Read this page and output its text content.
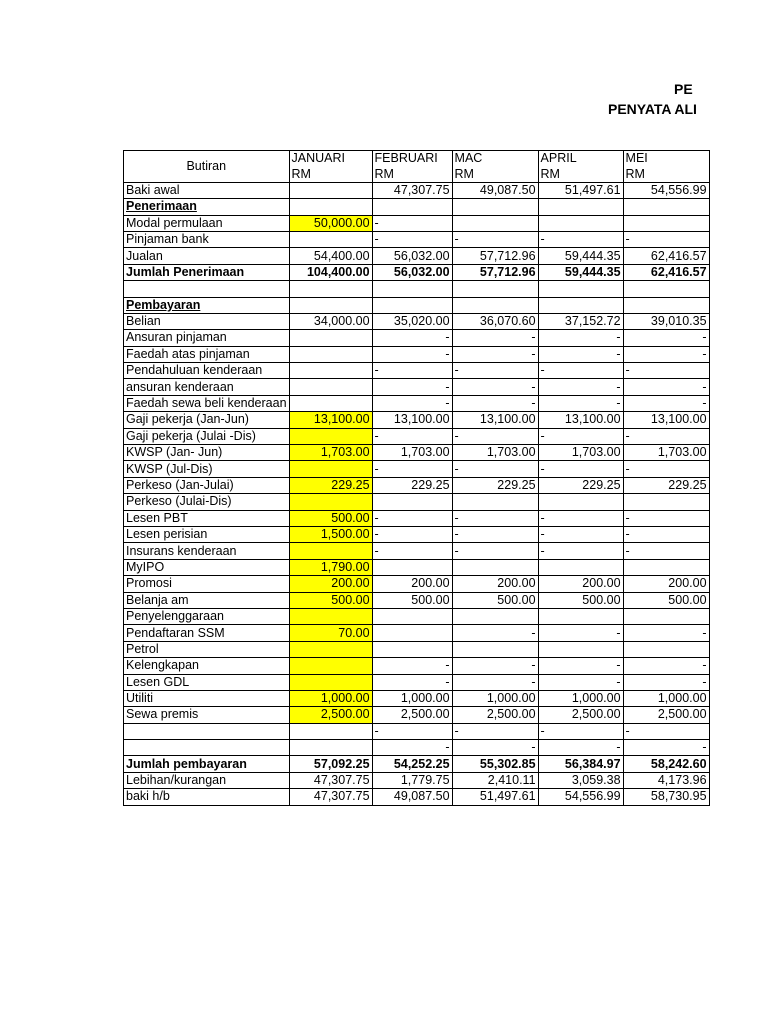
PE
PENYATA ALI
Butiran	JANUARI	FEBRUARI	MAC	APRIL	MEI
	RM	RM	RM	RM	RM
Baki awal		47,307.75	49,087.50	51,497.61	54,556.99
Penerimaan					
Modal permulaan	50,000.00	-			
Pinjaman bank		-	-	-	-
Jualan	54,400.00	56,032.00	57,712.96	59,444.35	62,416.57
Jumlah Penerimaan	104,400.00	56,032.00	57,712.96	59,444.35	62,416.57

Pembayaran					
Belian	34,000.00	35,020.00	36,070.60	37,152.72	39,010.35
Ansuran pinjaman		-	-	-	-
Faedah atas pinjaman		-	-	-	-
Pendahuluan kenderaan		-	-	-	-
ansuran kenderaan		-	-	-	-
Faedah sewa beli kenderaan		-	-	-	-
Gaji pekerja (Jan-Jun)	13,100.00	13,100.00	13,100.00	13,100.00	13,100.00
Gaji pekerja (Julai -Dis)		-	-	-	-
KWSP (Jan- Jun)	1,703.00	1,703.00	1,703.00	1,703.00	1,703.00
KWSP (Jul-Dis)		-	-	-	-
Perkeso (Jan-Julai)	229.25	229.25	229.25	229.25	229.25
Perkeso (Julai-Dis)					
Lesen PBT	500.00	-	-	-	-
Lesen perisian	1,500.00	-	-	-	-
Insurans kenderaan		-	-	-	-
MyIPO	1,790.00				
Promosi	200.00	200.00	200.00	200.00	200.00
Belanja am	500.00	500.00	500.00	500.00	500.00
Penyelenggaraan					
Pendaftaran SSM	70.00		-	-	-
Petrol					
Kelengkapan		-	-	-	-
Lesen GDL		-	-	-	-
Utiliti	1,000.00	1,000.00	1,000.00	1,000.00	1,000.00
Sewa premis	2,500.00	2,500.00	2,500.00	2,500.00	2,500.00
		-	-	-	-
		-	-	-	-
Jumlah pembayaran	57,092.25	54,252.25	55,302.85	56,384.97	58,242.60
Lebihan/kurangan	47,307.75	1,779.75	2,410.11	3,059.38	4,173.96
baki h/b	47,307.75	49,087.50	51,497.61	54,556.99	58,730.95
